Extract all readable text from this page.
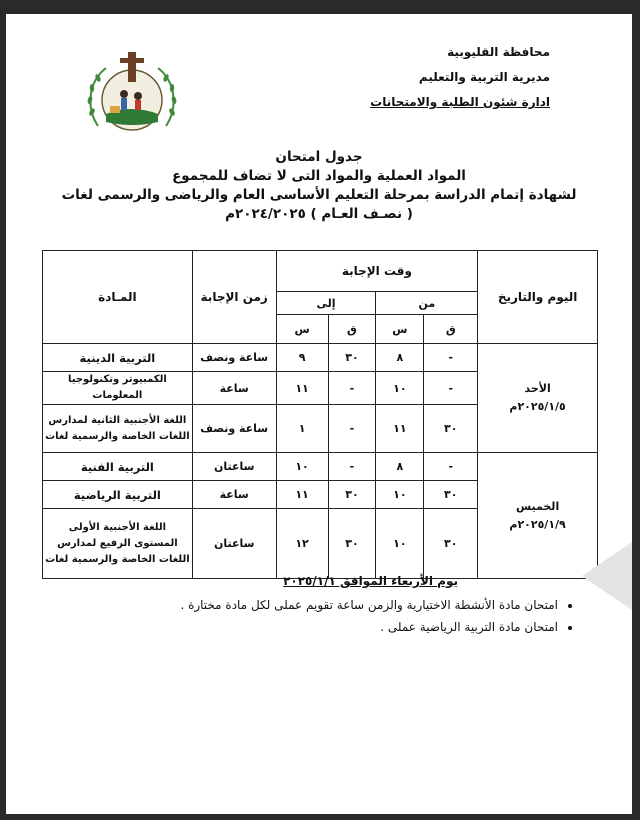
محافظة القليوبية
مديرية التربية والتعليم
ادارة شئون الطلبة والامتحانات
جدول امتحان
المواد العملية والمواد التى لا تضاف للمجموع
لشهادة إتمام الدراسة بمرحلة التعليم الأساسى العام والرياضى والرسمى لغات
( نصـف العـام ) ٢٠٢٤/٢٠٢٥م
اليوم والتاريخ	وقت الإجابة				زمن الإجابة	المـادة
	من		إلى			
	ق	س	ق	س		

الأحد
٢٠٢٥/١/٥م	-	٨	٣٠	٩	ساعة ونصف	التربية الدينية
	-	١٠	-	١١	ساعة	الكمبيوتر وتكنولوجيا المعلومات
	٣٠	١١	-	١	ساعة ونصف	اللغة الأجنبية الثانية لمدارس
اللغات الخاصة والرسمية لغات

الخميس
٢٠٢٥/١/٩م	-	٨	-	١٠	ساعتان	التربية الفنية
	٣٠	١٠	٣٠	١١	ساعة	التربية الرياضية
	٣٠	١٠	٣٠	١٢	ساعتان	اللغة الأجنبية الأولى
المستوى الرفيع لمدارس
اللغات الخاصة والرسمية لغات
يوم الأربعاء الموافق ٢٠٢٥/١/١
• امتحان مادة الأنشطة الاختيارية والزمن ساعة تقويم عملى لكل مادة مختارة .
• امتحان مادة التربية الرياضية عملى .
